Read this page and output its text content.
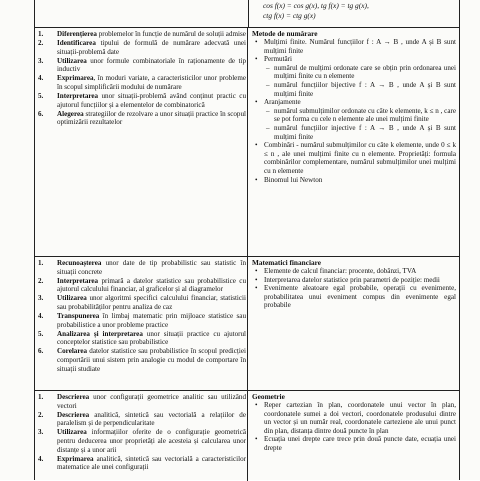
cos f(x) = cos g(x), tg f(x) = tg g(x),
ctg f(x) = ctg g(x)
1. Diferențierea problemelor în funcție de numărul de soluții admise
2. Identificarea tipului de formulă de numărare adecvată unei situații-problemă date
3. Utilizarea unor formule combinatoriale în raționamente de tip inductiv
4. Exprimarea, în moduri variate, a caracteristicilor unor probleme în scopul simplificării modului de numărare
5. Interpretarea unor situații-problemă având conținut practic cu ajutorul funcțiilor și a elementelor de combinatorică
6. Alegerea strategiilor de rezolvare a unor situații practice în scopul optimizării rezultatelor
Metode de numărare
• Mulțimi finite. Numărul funcțiilor f : A → B , unde A și B sunt mulțimi finite
• Permutări
– numărul de mulțimi ordonate care se obțin prin ordonarea unei mulțimi finite cu n elemente
– numărul funcțiilor bijective f : A → B , unde A și B sunt mulțimi finite
• Aranjamente
– numărul submulțimilor ordonate cu câte k elemente, k ≤ n , care se pot forma cu cele n elemente ale unei mulțimi finite
– numărul funcțiilor injective f : A → B , unde A și B sunt mulțimi finite
• Combinări - numărul submulțimilor cu câte k elemente, unde 0 ≤ k ≤ n , ale unei mulțimi finite cu n elemente. Proprietăți: formula combinărilor complementare, numărul submulțimilor unei mulțimi cu n elemente
• Binomul lui Newton
1. Recunoașterea unor date de tip probabilistic sau statistic în situații concrete
2. Interpretarea primară a datelor statistice sau probabilistice cu ajutorul calculului financiar, al graficelor și al diagramelor
3. Utilizarea unor algoritmi specifici calculului financiar, statisticii sau probabilităților pentru analiza de caz
4. Transpunerea în limbaj matematic prin mijloace statistice sau probabilistice a unor probleme practice
5. Analizarea și interpretarea unor situații practice cu ajutorul conceptelor statistice sau probabilistice
6. Corelarea datelor statistice sau probabilistice în scopul predicției comportării unui sistem prin analogie cu modul de comportare în situații studiate
Matematici financiare
• Elemente de calcul financiar: procente, dobânzi, TVA
• Interpretarea datelor statistice prin parametri de poziție: medii
• Evenimente aleatoare egal probabile, operații cu evenimente, probabilitatea unui eveniment compus din evenimente egal probabile
1. Descrierea unor configurații geometrice analitic sau utilizând vectori
2. Descrierea analitică, sintetică sau vectorială a relațiilor de paralelism și de perpendicularitate
3. Utilizarea informațiilor oferite de o configurație geometrică pentru deducerea unor proprietăți ale acesteia și calcularea unor distanțe și a unor arii
4. Exprimarea analitică, sintetică sau vectorială a caracteristicilor matematice ale unei configurații
Geometrie
• Reper cartezian în plan, coordonatele unui vector în plan, coordonatele sumei a doi vectori, coordonatele produsului dintre un vector și un număr real, coordonatele carteziene ale unui punct din plan, distanța dintre două puncte în plan
• Ecuația unei drepte care trece prin două puncte date, ecuația unei drepte
